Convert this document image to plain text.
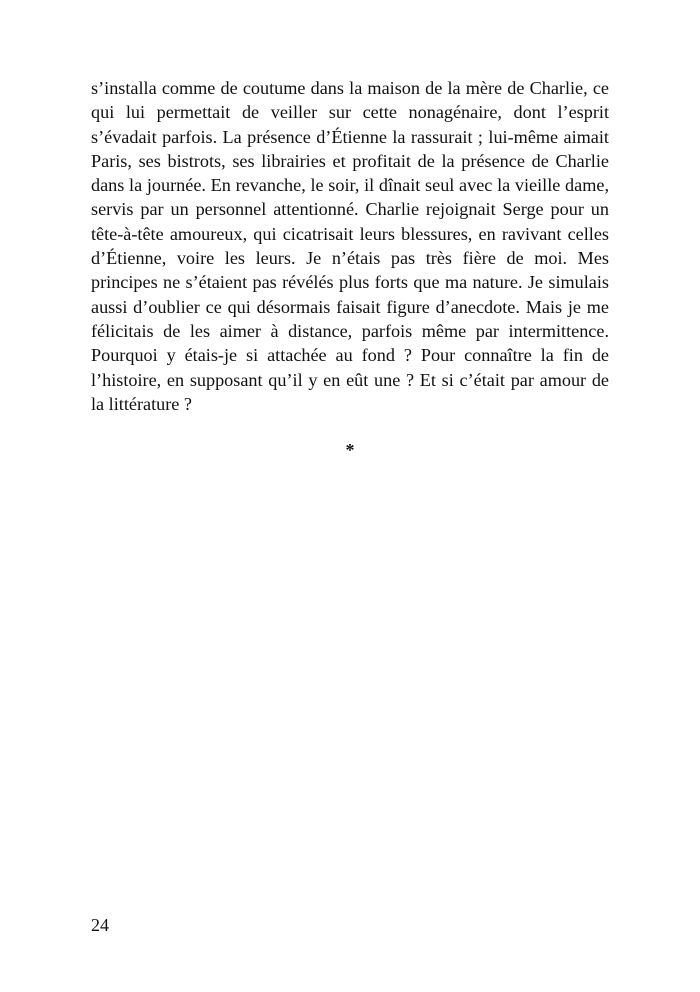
s’installa comme de coutume dans la maison de la mère de Charlie, ce qui lui permettait de veiller sur cette nonagénaire, dont l’esprit s’évadait parfois. La présence d’Étienne la rassurait ; lui-même aimait Paris, ses bistrots, ses librairies et profitait de la présence de Charlie dans la journée. En revanche, le soir, il dînait seul avec la vieille dame, servis par un personnel attentionné. Charlie rejoignait Serge pour un tête-à-tête amoureux, qui cicatrisait leurs blessures, en ravivant celles d’Étienne, voire les leurs. Je n’étais pas très fière de moi. Mes principes ne s’étaient pas révélés plus forts que ma nature. Je simulais aussi d’oublier ce qui désormais faisait figure d’anecdote. Mais je me félicitais de les aimer à distance, parfois même par intermittence. Pourquoi y étais-je si attachée au fond ? Pour connaître la fin de l’histoire, en supposant qu’il y en eût une ? Et si c’était par amour de la littérature ?

*
24
